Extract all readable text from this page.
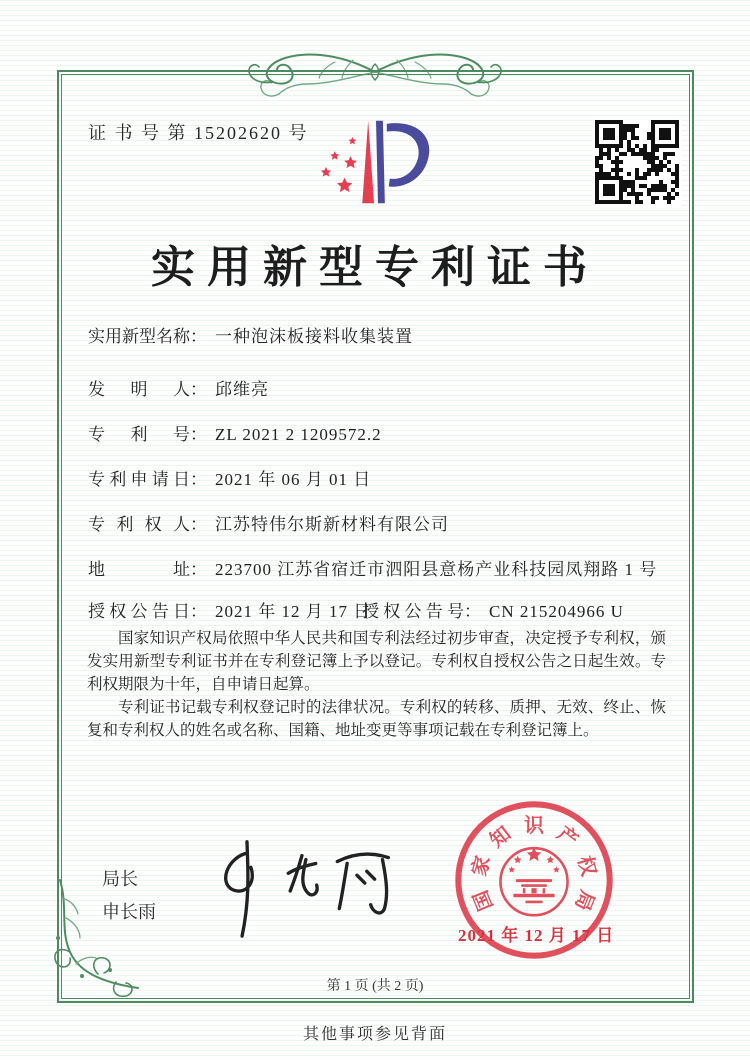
证 书 号 第 15202620 号
实用新型专利证书
实用新型名称： 一种泡沫板接料收集装置
发明人： 邱维亮
专利号： ZL 2021 2 1209572.2
专利申请日： 2021 年 06 月 01 日
专利权人： 江苏特伟尔斯新材料有限公司
地址： 223700 江苏省宿迁市泗阳县意杨产业科技园凤翔路 1 号
授权公告日： 2021 年 12 月 17 日
授权公告号： CN 215204966 U

国家知识产权局依照中华人民共和国专利法经过初步审查，决定授予专利权，颁发实用新型专利证书并在专利登记簿上予以登记。专利权自授权公告之日起生效。专利权期限为十年，自申请日起算。

专利证书记载专利权登记时的法律状况。专利权的转移、质押、无效、终止、恢复和专利权人的姓名或名称、国籍、地址变更等事项记载在专利登记簿上。

局长
申长雨	国
家
知 识 产
权
局
2021 年 12 月 17 日
第 1 页 (共 2 页)
其他事项参见背面
